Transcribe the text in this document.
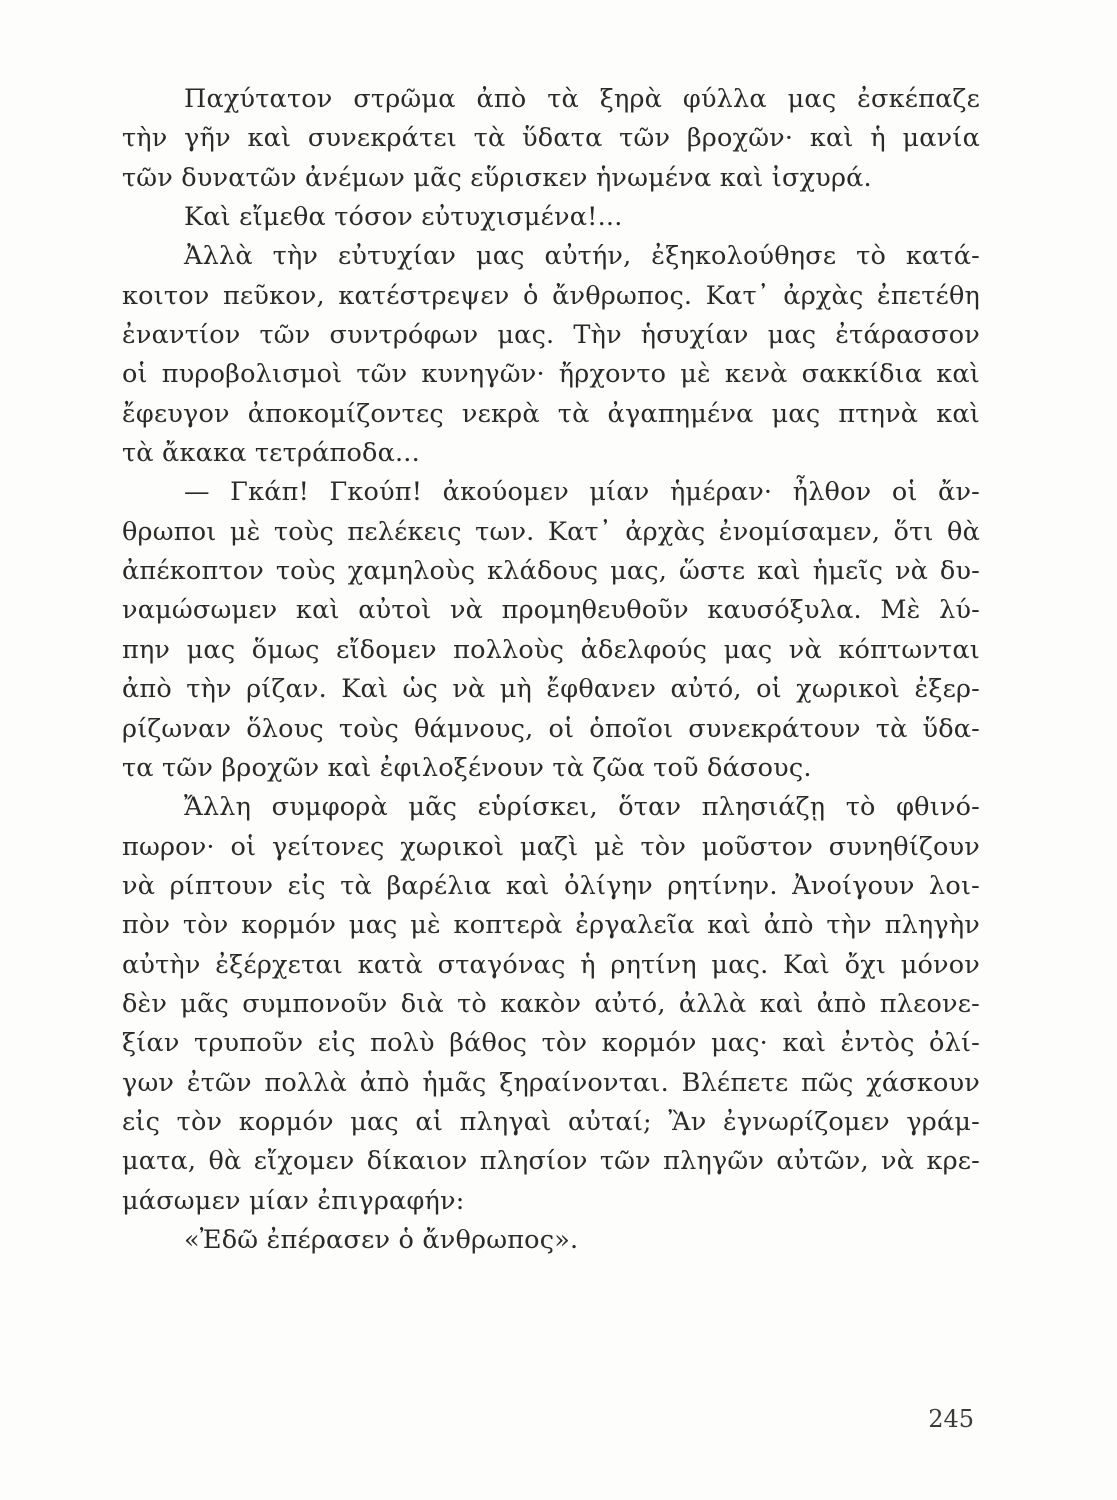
Παχύτατον στρῶμα ἀπὸ τὰ ξηρὰ φύλλα μας ἐσκέπαζε
τὴν γῆν καὶ συνεκράτει τὰ ὕδατα τῶν βροχῶν· καὶ ἡ μανία
τῶν δυνατῶν ἀνέμων μᾶς εὕρισκεν ἡνωμένα καὶ ἰσχυρά.
Καὶ εἴμεθα τόσον εὐτυχισμένα!...
Ἀλλὰ τὴν εὐτυχίαν μας αὐτήν, ἐξηκολούθησε τὸ κατά-
κοιτον πεῦκον, κατέστρεψεν ὁ ἄνθρωπος. Κατ᾽ ἀρχὰς ἐπετέθη
ἐναντίον τῶν συντρόφων μας. Τὴν ἡσυχίαν μας ἐτάρασσον
οἱ πυροβολισμοὶ τῶν κυνηγῶν· ἤρχοντο μὲ κενὰ σακκίδια καὶ
ἔφευγον ἀποκομίζοντες νεκρὰ τὰ ἀγαπημένα μας πτηνὰ καὶ
τὰ ἄκακα τετράποδα...
— Γκάπ! Γκούπ! ἀκούομεν μίαν ἡμέραν· ἦλθον οἱ ἄν-
θρωποι μὲ τοὺς πελέκεις των. Κατ᾽ ἀρχὰς ἐνομίσαμεν, ὅτι θὰ
ἀπέκοπτον τοὺς χαμηλοὺς κλάδους μας, ὥστε καὶ ἡμεῖς νὰ δυ-
ναμώσωμεν καὶ αὐτοὶ νὰ προμηθευθοῦν καυσόξυλα. Μὲ λύ-
πην μας ὅμως εἴδομεν πολλοὺς ἀδελφούς μας νὰ κόπτωνται
ἀπὸ τὴν ρίζαν. Καὶ ὡς νὰ μὴ ἔφθανεν αὐτό, οἱ χωρικοὶ ἐξερ-
ρίζωναν ὅλους τοὺς θάμνους, οἱ ὁποῖοι συνεκράτουν τὰ ὕδα-
τα τῶν βροχῶν καὶ ἐφιλοξένουν τὰ ζῶα τοῦ δάσους.
Ἄλλη συμφορὰ μᾶς εὑρίσκει, ὅταν πλησιάζῃ τὸ φθινό-
πωρον· οἱ γείτονες χωρικοὶ μαζὶ μὲ τὸν μοῦστον συνηθίζουν
νὰ ρίπτουν εἰς τὰ βαρέλια καὶ ὀλίγην ρητίνην. Ἀνοίγουν λοι-
πὸν τὸν κορμόν μας μὲ κοπτερὰ ἐργαλεῖα καὶ ἀπὸ τὴν πληγὴν
αὐτὴν ἐξέρχεται κατὰ σταγόνας ἡ ρητίνη μας. Καὶ ὄχι μόνον
δὲν μᾶς συμπονοῦν διὰ τὸ κακὸν αὐτό, ἀλλὰ καὶ ἀπὸ πλεονε-
ξίαν τρυποῦν εἰς πολὺ βάθος τὸν κορμόν μας· καὶ ἐντὸς ὀλί-
γων ἐτῶν πολλὰ ἀπὸ ἡμᾶς ξηραίνονται. Βλέπετε πῶς χάσκουν
εἰς τὸν κορμόν μας αἱ πληγαὶ αὐταί; Ἂν ἐγνωρίζομεν γράμ-
ματα, θὰ εἴχομεν δίκαιον πλησίον τῶν πληγῶν αὐτῶν, νὰ κρε-
μάσωμεν μίαν ἐπιγραφήν:
«Ἐδῶ ἐπέρασεν ὁ ἄνθρωπος».
245
